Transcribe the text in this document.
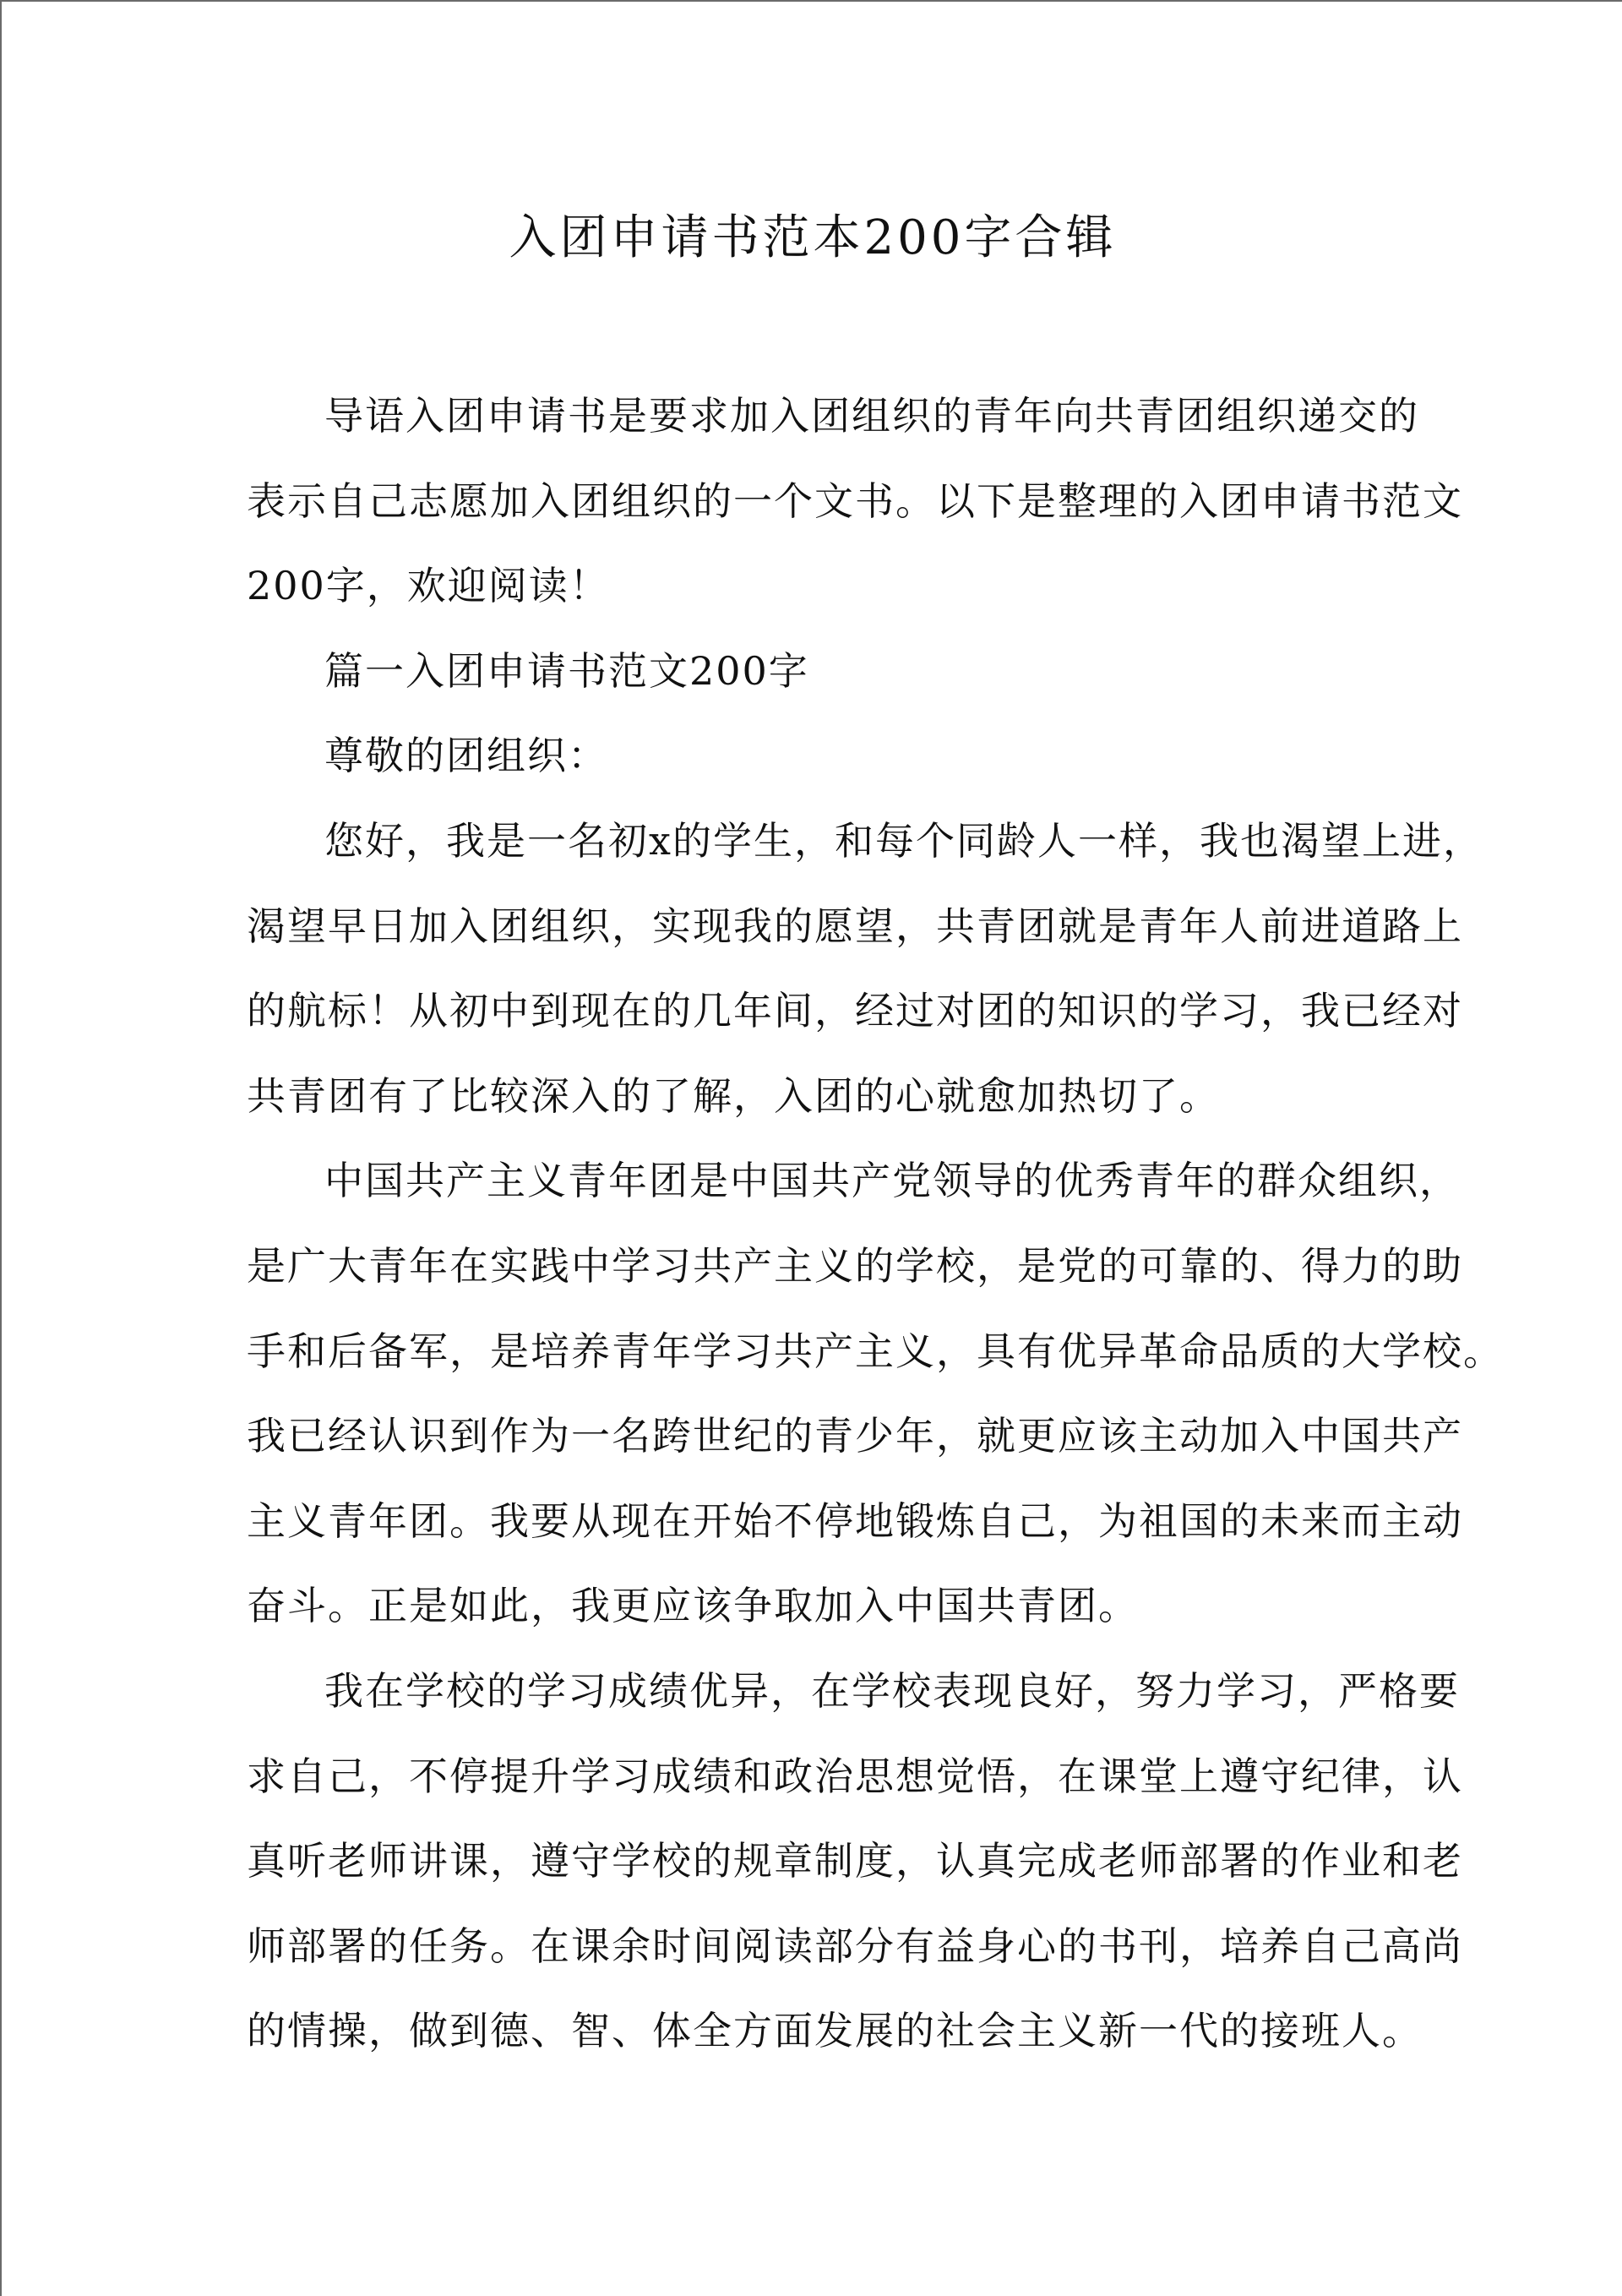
入团申请书范本200字合辑

导语入团申请书是要求加入团组织的青年向共青团组织递交的
表示自己志愿加入团组织的一个文书。以下是整理的入团申请书范文
200字，欢迎阅读！

篇一入团申请书范文200字

尊敬的团组织：

您好，我是一名初x的学生，和每个同龄人一样，我也渴望上进，
渴望早日加入团组织，实现我的愿望，共青团就是青年人前进道路上
的航标！从初中到现在的几年间，经过对团的知识的学习，我已经对
共青团有了比较深入的了解，入团的心就愈加热切了。

中国共产主义青年团是中国共产党领导的优秀青年的群众组织，
是广大青年在实践中学习共产主义的学校，是党的可靠的、得力的助
手和后备军，是培养青年学习共产主义，具有优异革命品质的大学校。
我已经认识到作为一名跨世纪的青少年，就更应该主动加入中国共产
主义青年团。我要从现在开始不停地锻炼自己，为祖国的未来而主动
奋斗。正是如此，我更应该争取加入中国共青团。

我在学校的学习成绩优异，在学校表现良好，努力学习，严格要
求自己，不停提升学习成绩和政治思想觉悟，在课堂上遵守纪律，认
真听老师讲课，遵守学校的规章制度，认真完成老师部署的作业和老
师部署的任务。在课余时间阅读部分有益身心的书刊，培养自己高尚
的情操，做到德、智、体全方面发展的社会主义新一代的接班人。
